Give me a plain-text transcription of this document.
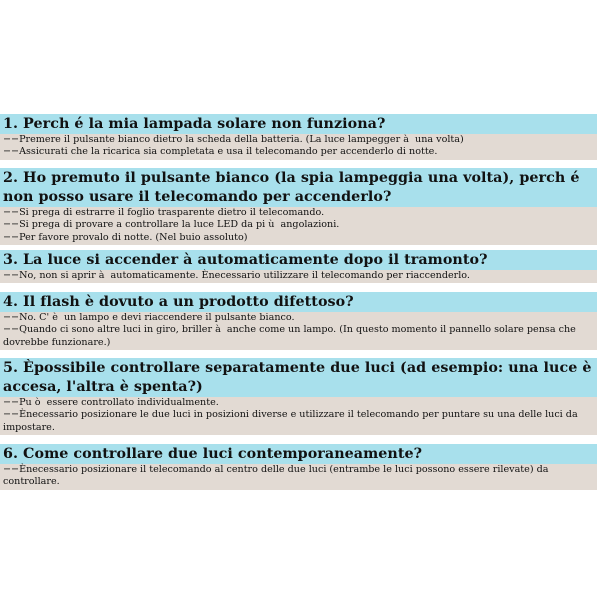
1. Perch é la mia lampada solare non funziona?
−−Premere il pulsante bianco dietro la scheda della batteria. (La luce lampegger à  una volta)
−−Assicurati che la ricarica sia completata e usa il telecomando per accenderlo di notte.
2. Ho premuto il pulsante bianco (la spia lampeggia una volta), perch é non posso usare il telecomando per accenderlo?
−−Si prega di estrarre il foglio trasparente dietro il telecomando.
−−Si prega di provare a controllare la luce LED da pi ù  angolazioni.
−−Per favore provalo di notte. (Nel buio assoluto)
3. La luce si accender à automaticamente dopo il tramonto?
−−No, non si aprir à  automaticamente. Ènecessario utilizzare il telecomando per riaccenderlo.
4. Il flash è dovuto a un prodotto difettoso?
−−No. C' è  un lampo e devi riaccendere il pulsante bianco.
−−Quando ci sono altre luci in giro, briller à  anche come un lampo. (In questo momento il pannello solare pensa che dovrebbe funzionare.)
5. Èpossibile controllare separatamente due luci (ad esempio: una luce è accesa, l'altra è spenta?)
−−Pu ò  essere controllato individualmente.
−−Ènecessario posizionare le due luci in posizioni diverse e utilizzare il telecomando per puntare su una delle luci da impostare.
6. Come controllare due luci contemporaneamente?
−−Ènecessario posizionare il telecomando al centro delle due luci (entrambe le luci possono essere rilevate) da controllare.
